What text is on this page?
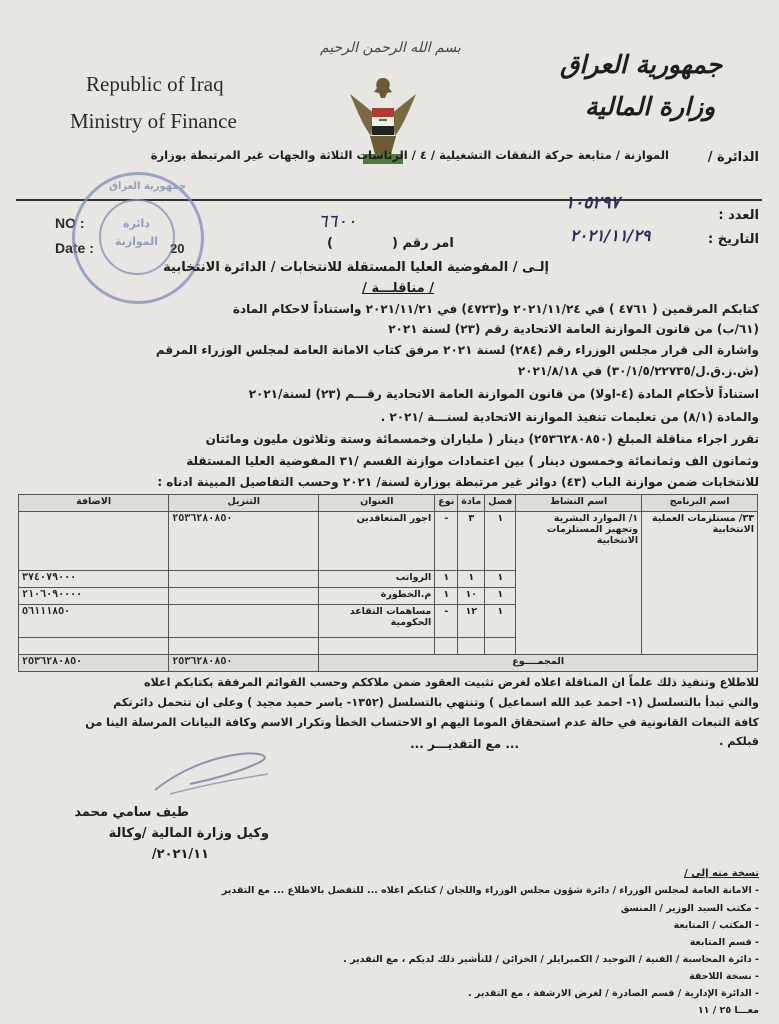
Republic of Iraq
Ministry of Finance
بسم الله الرحمن الرحيم
جمهورية العراق
وزارة المالية
الدائرة /
الموازنة / متابعة حركة النفقات التشغيلية / ٤ / الرئاسات الثلاثة والجهات غير المرتبطة بوزارة
NO :
Date :	20
جمهورية العراق
دائرة
الموازنة
العدد :
١٠٥٢٩٧
التاريخ :
٢٠٢١/١١/٢٩
٦٦٠٠
امر رقم (
)
إلـى / المفوضية العليا المستقلة للانتخابات / الدائرة الانتخابية
/ مناقلـــة /
كتابكم المرقمين ( ٤٧٦١ ) في ٢٠٢١/١١/٢٤ و(٤٧٢٣) في ٢٠٢١/١١/٢١ واستناداً لاحكام المادة
(٦١/ب) من قانون الموازنة العامة الاتحادية رقم (٢٣) لسنة ٢٠٢١
واشارة الى قرار مجلس الوزراء رقم (٢٨٤) لسنة ٢٠٢١ مرفق كتاب الامانة العامة لمجلس الوزراء المرقم
(ش.ز.ق.ل/٣٠/١/٥/٢٢٧٣٥) في ٢٠٢١/٨/١٨
استناداً لأحكام المادة (٤-اولا) من قانون الموازنة العامة الاتحادية رقـــم (٢٣) لسنة/٢٠٢١
والمادة (٨/١) من تعليمات تنفيذ الموازنة الاتحادية لسنـــة /٢٠٢١ .
تقرر اجراء مناقلة المبلغ (٢٥٣٦٢٨٠٨٥٠) دينار ( ملياران وخمسمائة وستة وثلاثون مليون ومائتان
وثمانون الف وثمانمائة وخمسون دينار ) بين اعتمادات موازنة القسم /٣١ المفوضية العليا المستقلة
للانتخابات ضمن موازنة الباب (٤٣) دوائر غير مرتبطة بوزارة لسنة/ ٢٠٢١ وحسب التفاصيل المبينة ادناه :
اسم البرنامج	اسم النشاط	فصل	مادة	نوع	العنوان	التنزيل	الاضافة
٣٣/ مستلزمات العملية الانتخابية	١/ الموارد البشرية وتجهيز المستلزمات الانتخابية	١	٣	-	اجور المتعاقدين	٢٥٣٦٢٨٠٨٥٠	
		١	١	١	الرواتب		٣٧٤٠٧٩٠٠٠
		١	١٠	١	م.الخطورة		٢١٠٦٠٩٠٠٠٠
		١	١٢	-	مساهمات التقاعد الحكومية		٥٦١١١٨٥٠

المجمــــوع						٢٥٣٦٢٨٠٨٥٠	٢٥٣٦٢٨٠٨٥٠
للاطلاع وتنفيذ ذلك علماً ان المناقلة اعلاه لغرض تثبيت العقود ضمن ملاككم وحسب القوائم المرفقة بكتابكم اعلاه
والتي تبدأ بالتسلسل (١- احمد عبد الله اسماعيل ) وتنتهي بالتسلسل (١٣٥٢- ياسر حميد مجيد ) وعلى ان تتحمل دائرتكم
كافة التبعات القانونية في حالة عدم استحقاق الموما اليهم او الاحتساب الخطأ وتكرار الاسم وكافة البيانات المرسلة الينا من
قبلكم .
... مع التقديـــر ...
طيف سامي محمد
وكيل وزارة المالية /وكالة
٢٠٢١/١١/
نسخة منه إلى /
- الامانة العامة لمجلس الوزراء / دائرة شؤون مجلس الوزراء واللجان / كتابكم اعلاه ... للتفضل بالاطلاع ... مع التقدير
- مكتب السيد الوزير / المنسق
- المكتب / المتابعة
- قسم المتابعة
- دائرة المحاسبة / الفنية / التوحيد / الكمبرايلر / الخزائن / للتأشير ذلك لديكم ، مع التقدير .
- نسخة اللاحقة
- الدائرة الإدارية / قسم الصادرة / لغرض الارشفة ، مع التقدير .
معـــا ٢٥ / ١١
